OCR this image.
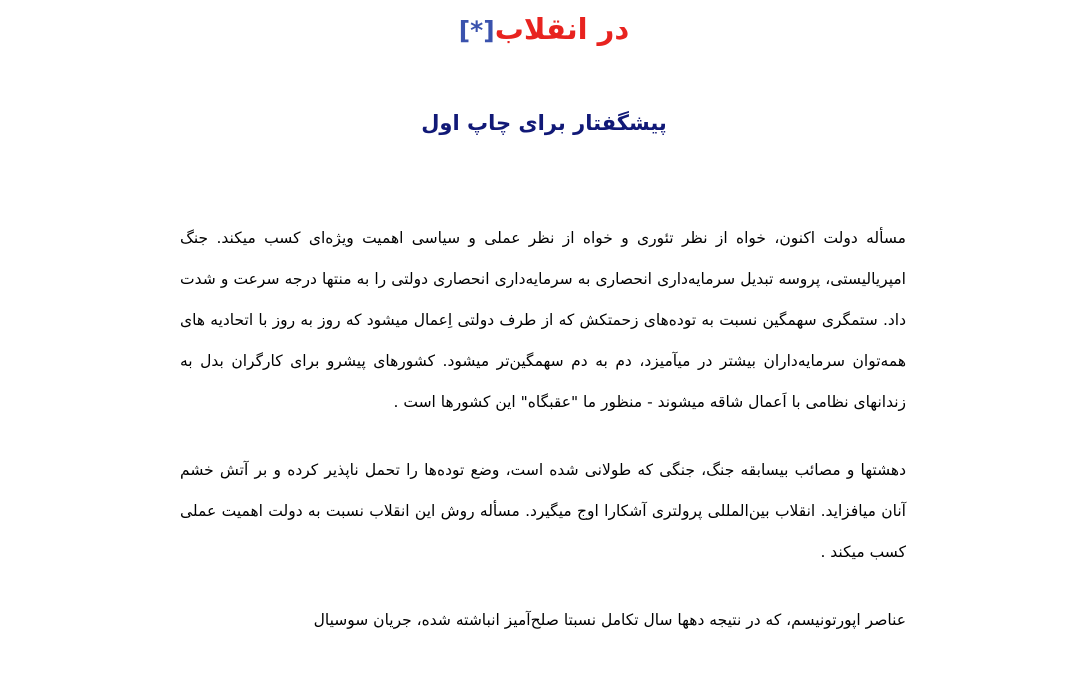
در انقلاب[*]
پیشگفتار برای چاپ اول

مسأله دولت اکنون، خواه از نظر تئوری و خواه از نظر عملی و سیاسی اهمیت ویژه‌ای کسب میکند. جنگ امپریالیستی، پروسه تبدیل سرمایه‌داری انحصاری به سرمایه‌داری انحصاری دولتی را به منتها درجه سرعت و شدت داد. ستمگری سهمگین نسبت به توده‌های زحمتکش که از طرف دولتی اِعمال میشود که روز به روز با اتحادیه های همه‌توان سرمایه‌داران بیشتر در میآمیزد، دم به دم سهمگین‌تر میشود. کشورهای پیشرو برای کارگران بدل به زندانهای نظامی با اَعمال شاقه میشوند - منظور ما "عقبگاه" این کشورها است .

دهشتها و مصائب بیسابقه جنگ، جنگی که طولانی شده است، وضع توده‌ها را تحمل ناپذیر کرده و بر آتش خشم آنان میافزاید. انقلاب بین‌المللی پرولتری آشکارا اوج میگیرد. مسأله روش این انقلاب نسبت به دولت اهمیت عملی کسب میکند .

عناصر اپورتونیسم، که در نتیجه دهها سال تکامل نسبتا صلح‌آمیز انباشته شده، جریان سوسیال
